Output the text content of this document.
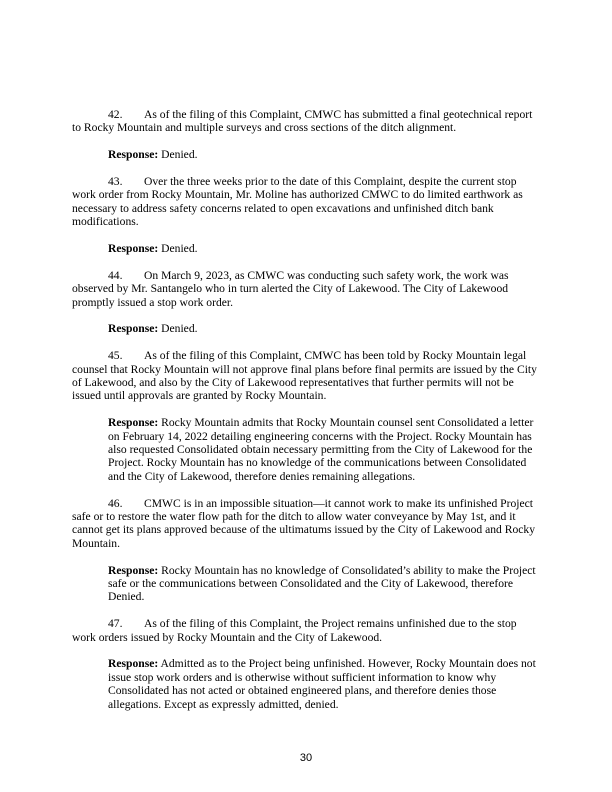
42. As of the filing of this Complaint, CMWC has submitted a final geotechnical report to Rocky Mountain and multiple surveys and cross sections of the ditch alignment.

Response: Denied.

43. Over the three weeks prior to the date of this Complaint, despite the current stop work order from Rocky Mountain, Mr. Moline has authorized CMWC to do limited earthwork as necessary to address safety concerns related to open excavations and unfinished ditch bank modifications.

Response: Denied.

44. On March 9, 2023, as CMWC was conducting such safety work, the work was observed by Mr. Santangelo who in turn alerted the City of Lakewood. The City of Lakewood promptly issued a stop work order.

Response: Denied.

45. As of the filing of this Complaint, CMWC has been told by Rocky Mountain legal counsel that Rocky Mountain will not approve final plans before final permits are issued by the City of Lakewood, and also by the City of Lakewood representatives that further permits will not be issued until approvals are granted by Rocky Mountain.

Response: Rocky Mountain admits that Rocky Mountain counsel sent Consolidated a letter on February 14, 2022 detailing engineering concerns with the Project. Rocky Mountain has also requested Consolidated obtain necessary permitting from the City of Lakewood for the Project. Rocky Mountain has no knowledge of the communications between Consolidated and the City of Lakewood, therefore denies remaining allegations.

46. CMWC is in an impossible situation—it cannot work to make its unfinished Project safe or to restore the water flow path for the ditch to allow water conveyance by May 1st, and it cannot get its plans approved because of the ultimatums issued by the City of Lakewood and Rocky Mountain.

Response: Rocky Mountain has no knowledge of Consolidated’s ability to make the Project safe or the communications between Consolidated and the City of Lakewood, therefore Denied.

47. As of the filing of this Complaint, the Project remains unfinished due to the stop work orders issued by Rocky Mountain and the City of Lakewood.

Response: Admitted as to the Project being unfinished. However, Rocky Mountain does not issue stop work orders and is otherwise without sufficient information to know why Consolidated has not acted or obtained engineered plans, and therefore denies those allegations. Except as expressly admitted, denied.

30
